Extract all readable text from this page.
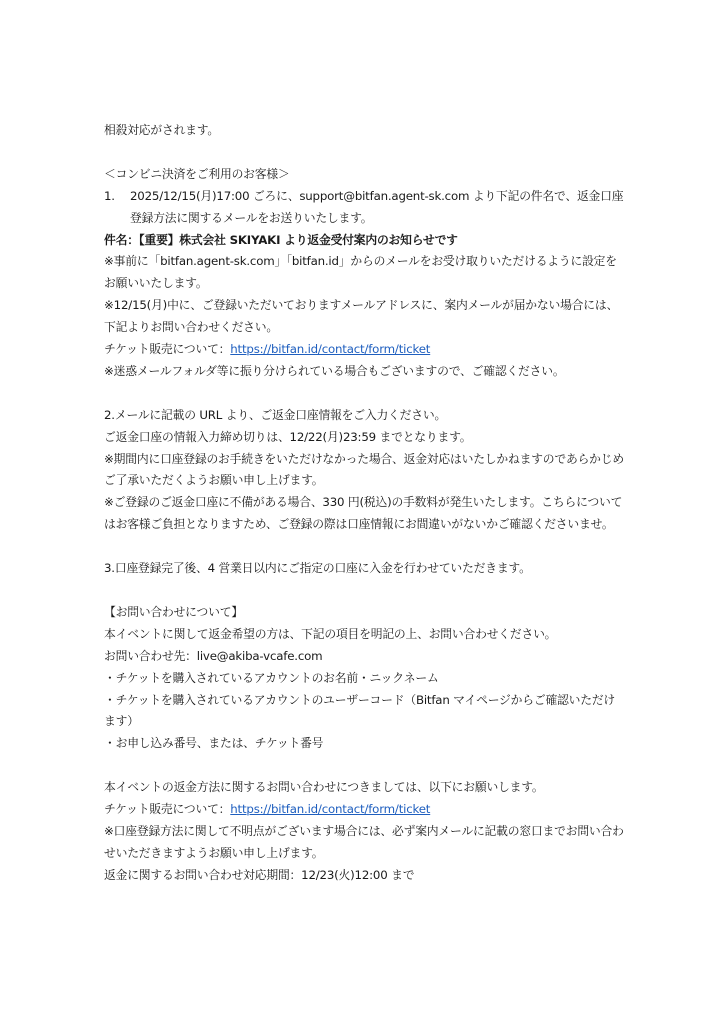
相殺対応がされます。

＜コンビニ決済をご利用のお客様＞

1.	2025/12/15(月)17:00 ごろに、support@bitfan.agent-sk.com より下記の件名で、返金口座登録方法に関するメールをお送りいたします。

件名：【重要】株式会社 SKIYAKI より返金受付案内のお知らせです

※事前に「bitfan.agent-sk.com」「bitfan.id」からのメールをお受け取りいただけるように設定をお願いいたします。

※12/15(月)中に、ご登録いただいておりますメールアドレスに、案内メールが届かない場合には、下記よりお問い合わせください。

チケット販売について：https://bitfan.id/contact/form/ticket

※迷惑メールフォルダ等に振り分けられている場合もございますので、ご確認ください。

2.メールに記載の URL より、ご返金口座情報をご入力ください。

ご返金口座の情報入力締め切りは、12/22(月)23:59 までとなります。

※期間内に口座登録のお手続きをいただけなかった場合、返金対応はいたしかねますのであらかじめご了承いただくようお願い申し上げます。

※ご登録のご返金口座に不備がある場合、330 円(税込)の手数料が発生いたします。こちらについてはお客様ご負担となりますため、ご登録の際は口座情報にお間違いがないかご確認くださいませ。

3.口座登録完了後、4 営業日以内にご指定の口座に入金を行わせていただきます。

【お問い合わせについて】

本イベントに関して返金希望の方は、下記の項目を明記の上、お問い合わせください。

お問い合わせ先：live@akiba-vcafe.com

・チケットを購入されているアカウントのお名前・ニックネーム

・チケットを購入されているアカウントのユーザーコード（Bitfan マイページからご確認いただけます）

・お申し込み番号、または、チケット番号

本イベントの返金方法に関するお問い合わせにつきましては、以下にお願いします。

チケット販売について：https://bitfan.id/contact/form/ticket

※口座登録方法に関して不明点がございます場合には、必ず案内メールに記載の窓口までお問い合わせいただきますようお願い申し上げます。

返金に関するお問い合わせ対応期間：12/23(火)12:00 まで
